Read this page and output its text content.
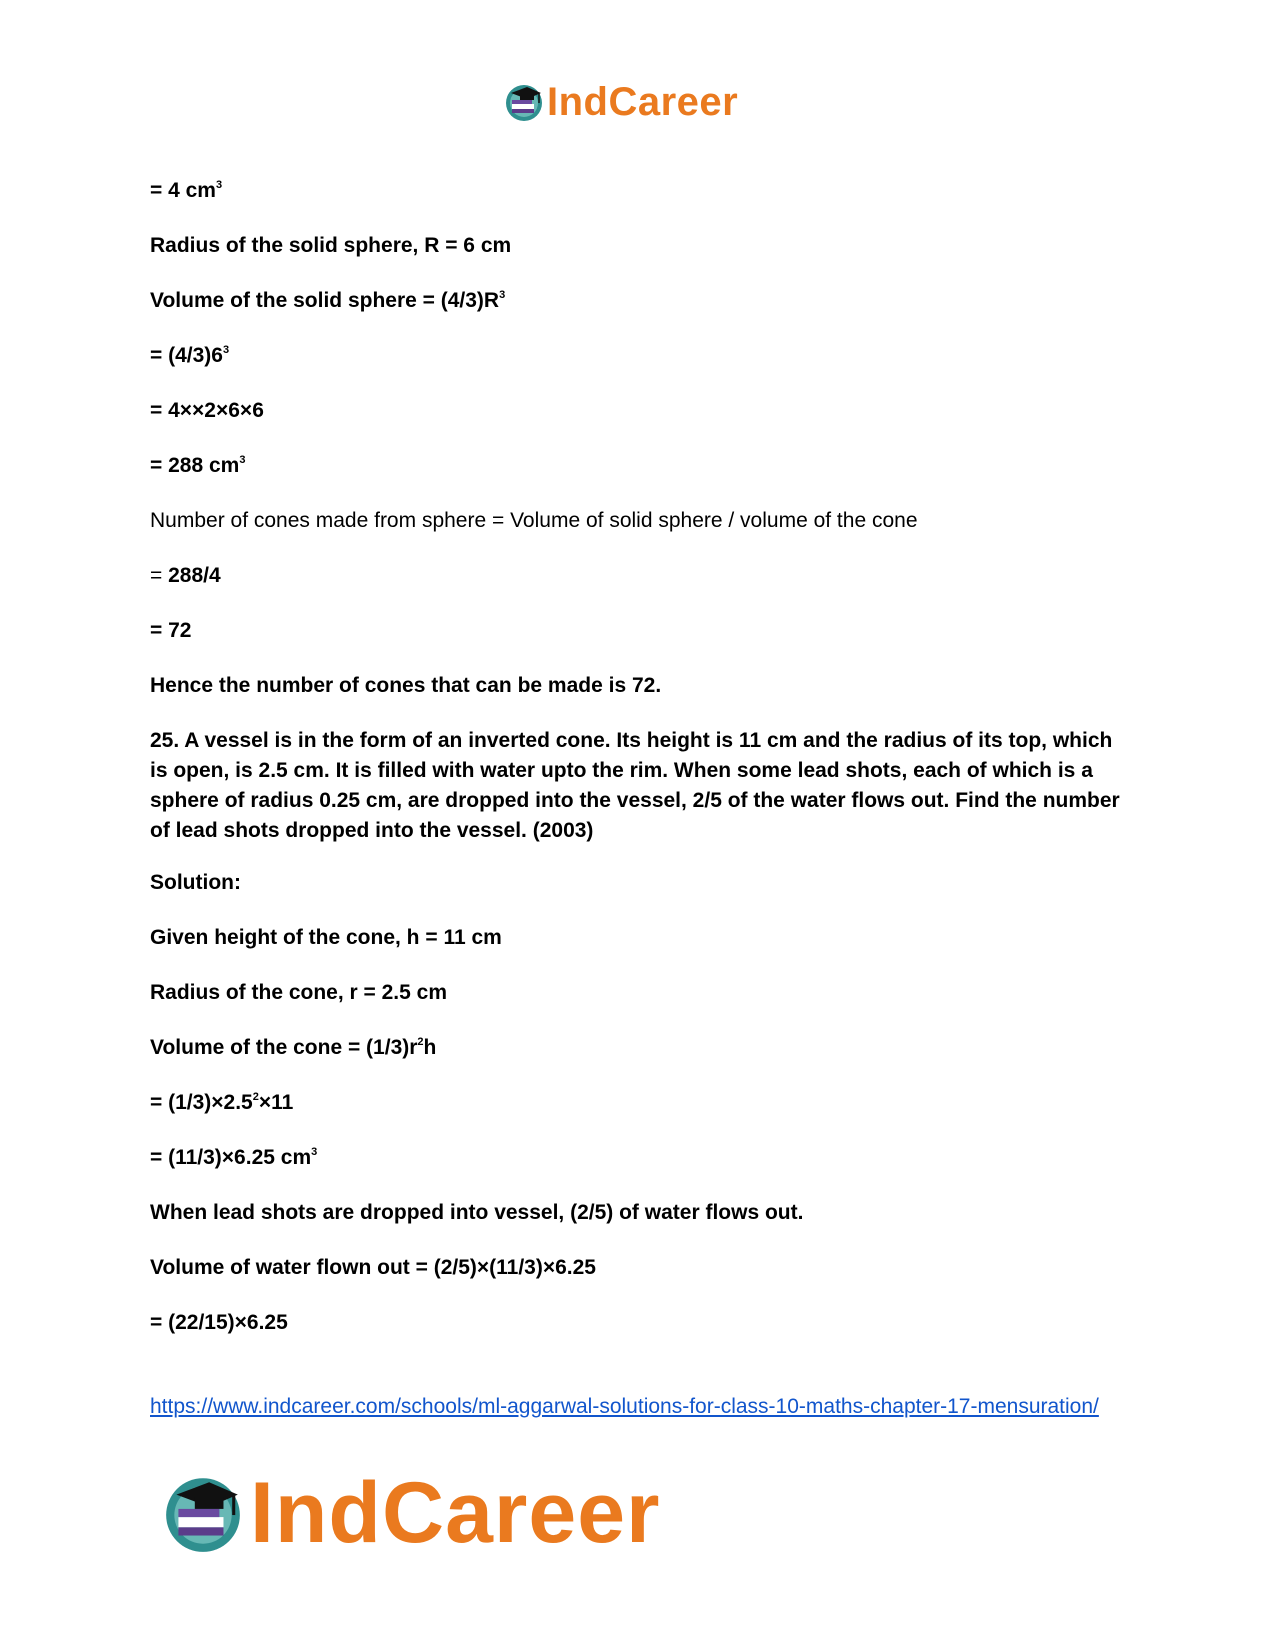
IndCareer
= 4 $cm^3$
Radius of the solid sphere, R = 6 cm
Volume of the solid sphere = $(4/3)R^3$
= $(4/3)6^3$
= 4××2×6×6
= 288 $cm^3$
Number of cones made from sphere = Volume of solid sphere / volume of the cone
= 288/4
= 72
Hence the number of cones that can be made is 72.
25. A vessel is in the form of an inverted cone. Its height is 11 cm and the radius of its top, which is open, is 2.5 cm. It is filled with water upto the rim. When some lead shots, each of which is a sphere of radius 0.25 cm, are dropped into the vessel, 2/5 of the water flows out. Find the number of lead shots dropped into the vessel. (2003)
Solution:
Given height of the cone, h = 11 cm
Radius of the cone, r = 2.5 cm
Volume of the cone = $(1/3)r^2h$
= $(1/3)\times 2.5^2\times 11$
= (11/3)×6.25 $cm^3$
When lead shots are dropped into vessel, (2/5) of water flows out.
Volume of water flown out = (2/5)×(11/3)×6.25
= (22/15)×6.25
https://www.indcareer.com/schools/ml-aggarwal-solutions-for-class-10-maths-chapter-17-mensuration/
IndCareer
